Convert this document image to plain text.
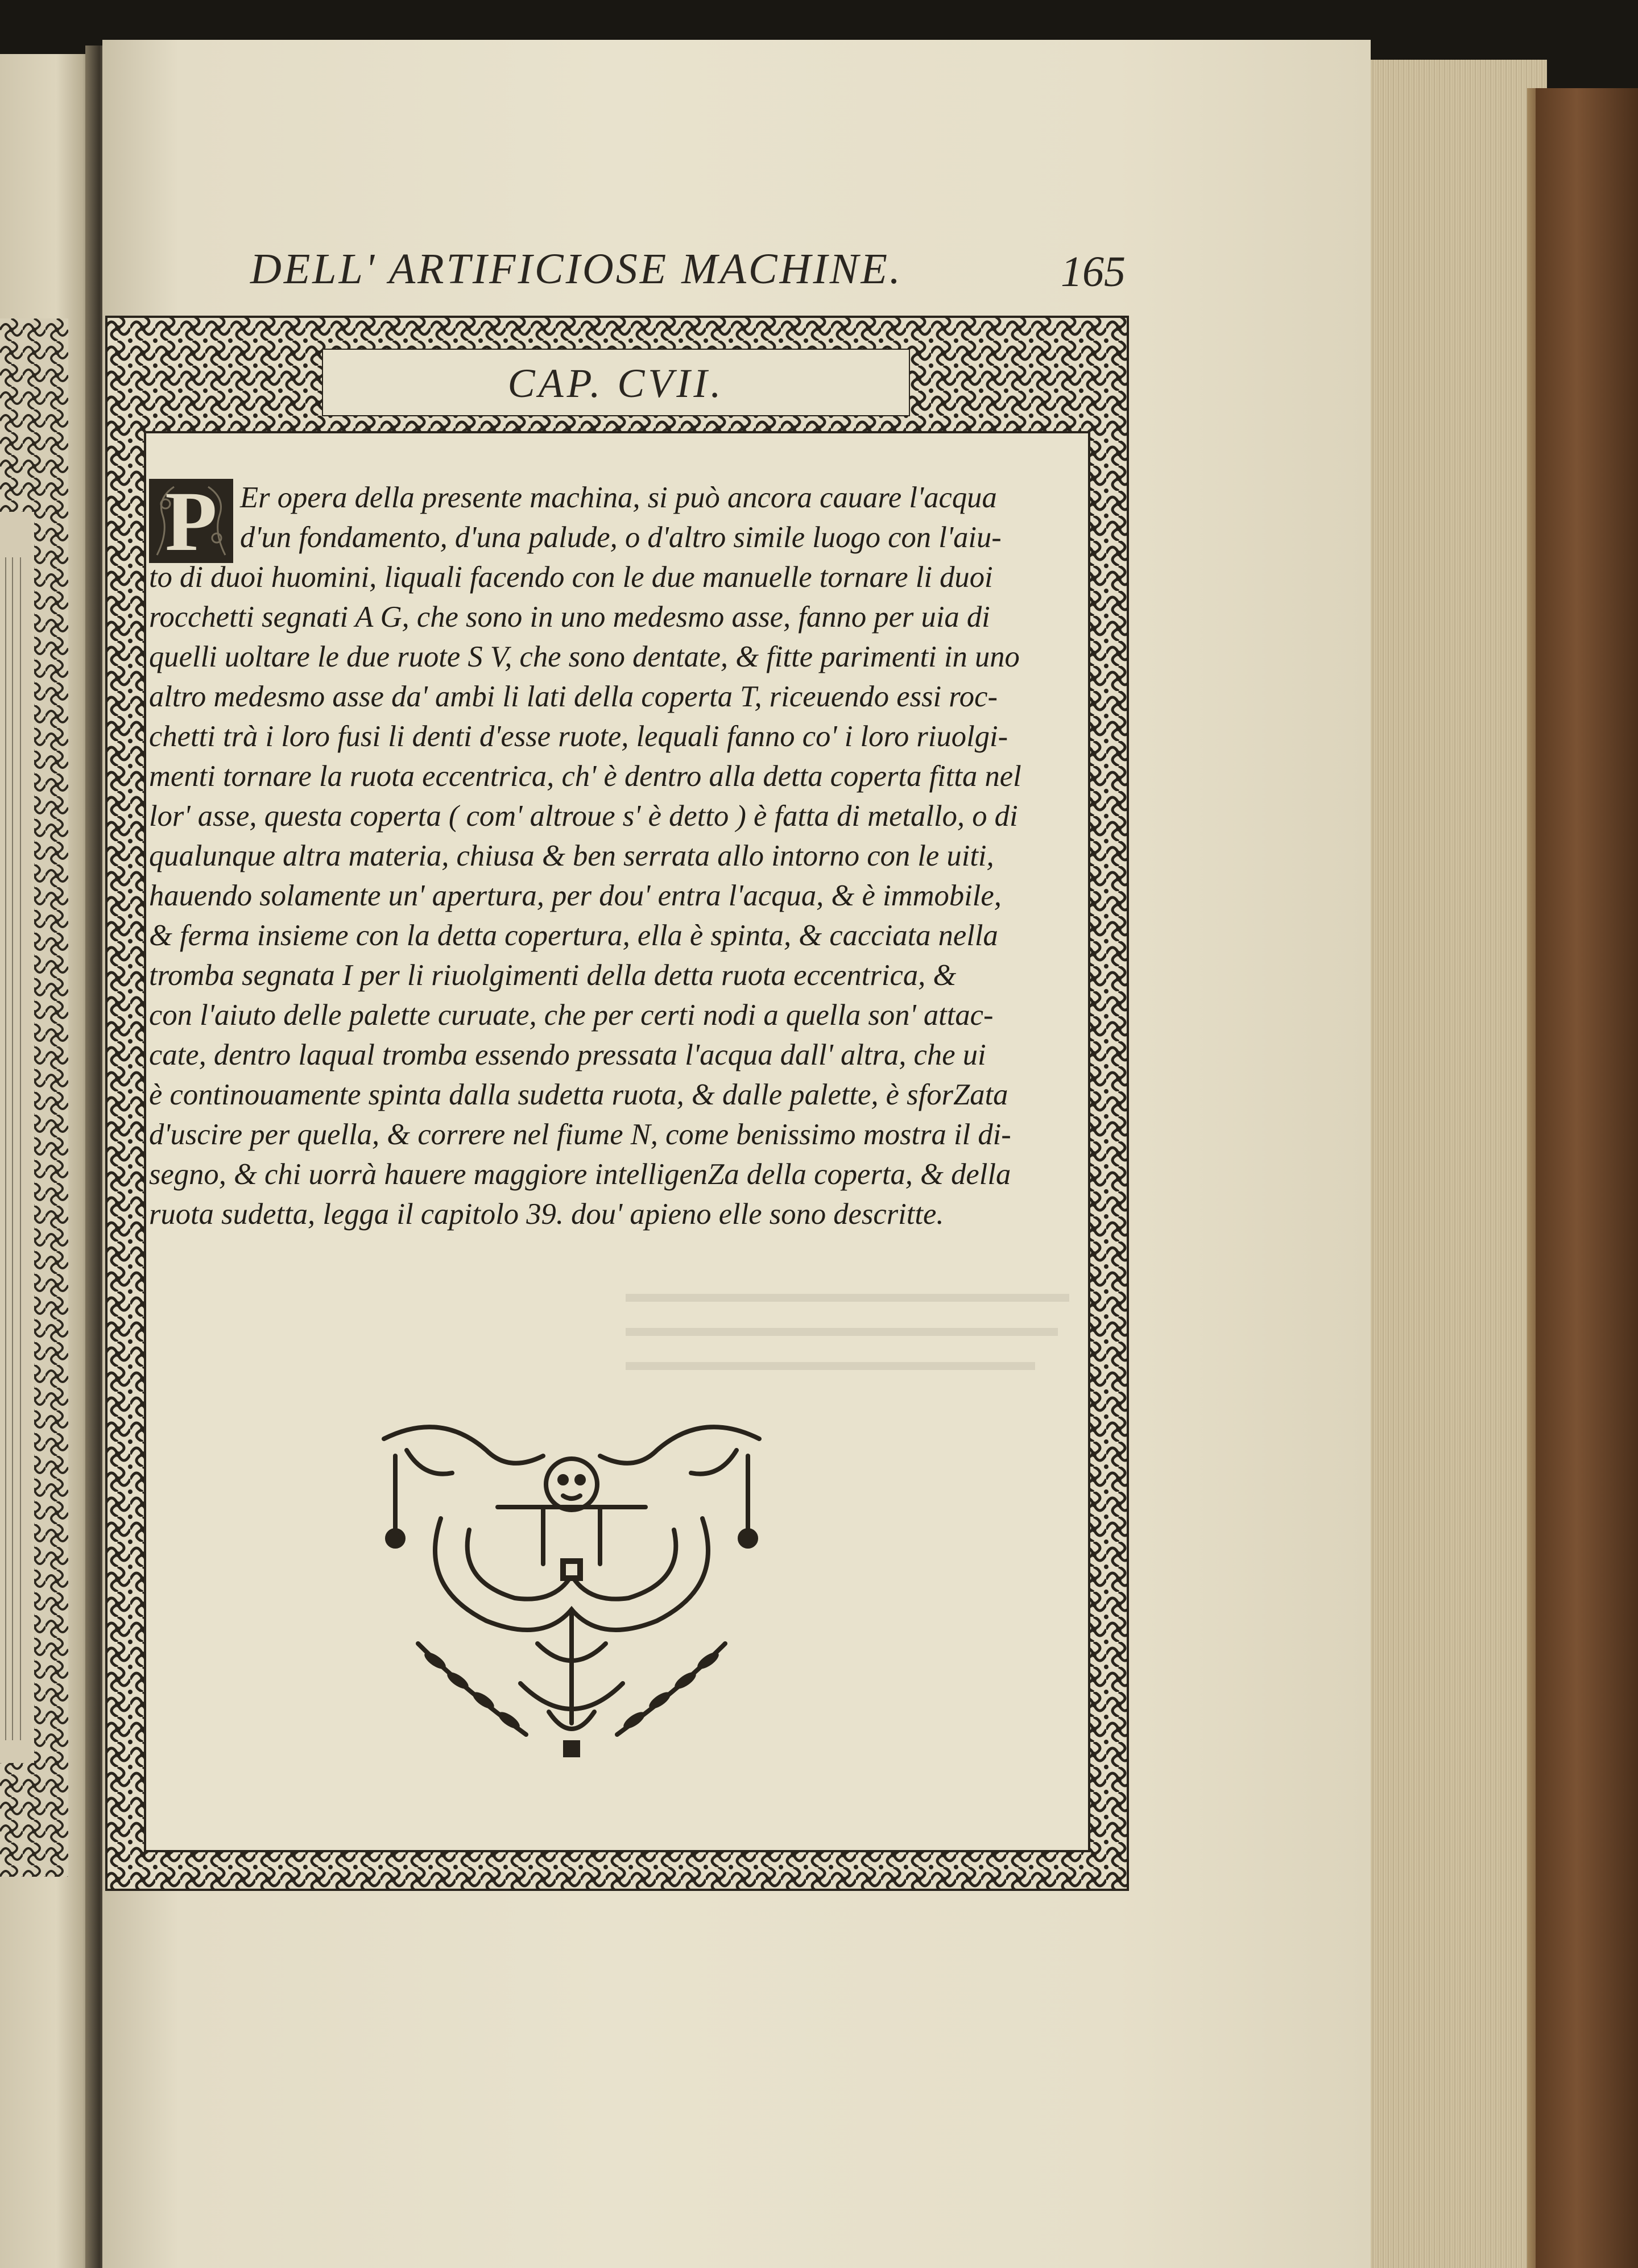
DELL' ARTIFICIOSE MACHINE.	165
CAP. CVII.
P Er opera della presente machina, si può ancora cauare l'acqua
d'un fondamento, d'una palude, o d'altro simile luogo con l'aiu-
to di duoi huomini, liquali facendo con le due manuelle tornare li duoi
rocchetti segnati A G, che sono in uno medesmo asse, fanno per uia di
quelli uoltare le due ruote S V, che sono dentate, & fitte parimenti in uno
altro medesmo asse da' ambi li lati della coperta T, riceuendo essi roc-
chetti trà i loro fusi li denti d'esse ruote, lequali fanno co' i loro riuolgi-
menti tornare la ruota eccentrica, ch' è dentro alla detta coperta fitta nel
lor' asse, questa coperta ( com' altroue s' è detto ) è fatta di metallo, o di
qualunque altra materia, chiusa & ben serrata allo intorno con le uiti,
hauendo solamente un' apertura, per dou' entra l'acqua, & è immobile,
& ferma insieme con la detta copertura, ella è spinta, & cacciata nella
tromba segnata I per li riuolgimenti della detta ruota eccentrica, &
con l'aiuto delle palette curuate, che per certi nodi a quella son' attac-
cate, dentro laqual tromba essendo pressata l'acqua dall' altra, che ui
è continouamente spinta dalla sudetta ruota, & dalle palette, è sforZata
d'uscire per quella, & correre nel fiume N, come benissimo mostra il di-
segno, & chi uorrà hauere maggiore intelligenZa della coperta, & della
ruota sudetta, legga il capitolo 39. dou' apieno elle sono descritte.
